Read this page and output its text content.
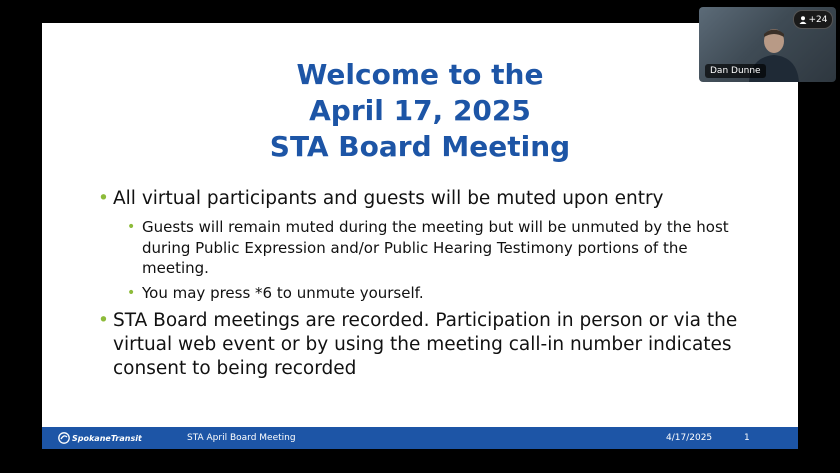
Welcome to the
April 17, 2025
STA Board Meeting
• All virtual participants and guests will be muted upon entry
• Guests will remain muted during the meeting but will be unmuted by the host during Public Expression and/or Public Hearing Testimony portions of the meeting.
• You may press *6 to unmute yourself.
• STA Board meetings are recorded. Participation in person or via the virtual web event or by using the meeting call-in number indicates consent to being recorded
SpokaneTransit	STA April Board Meeting	4/17/2025	1
Dan Dunne
+24
